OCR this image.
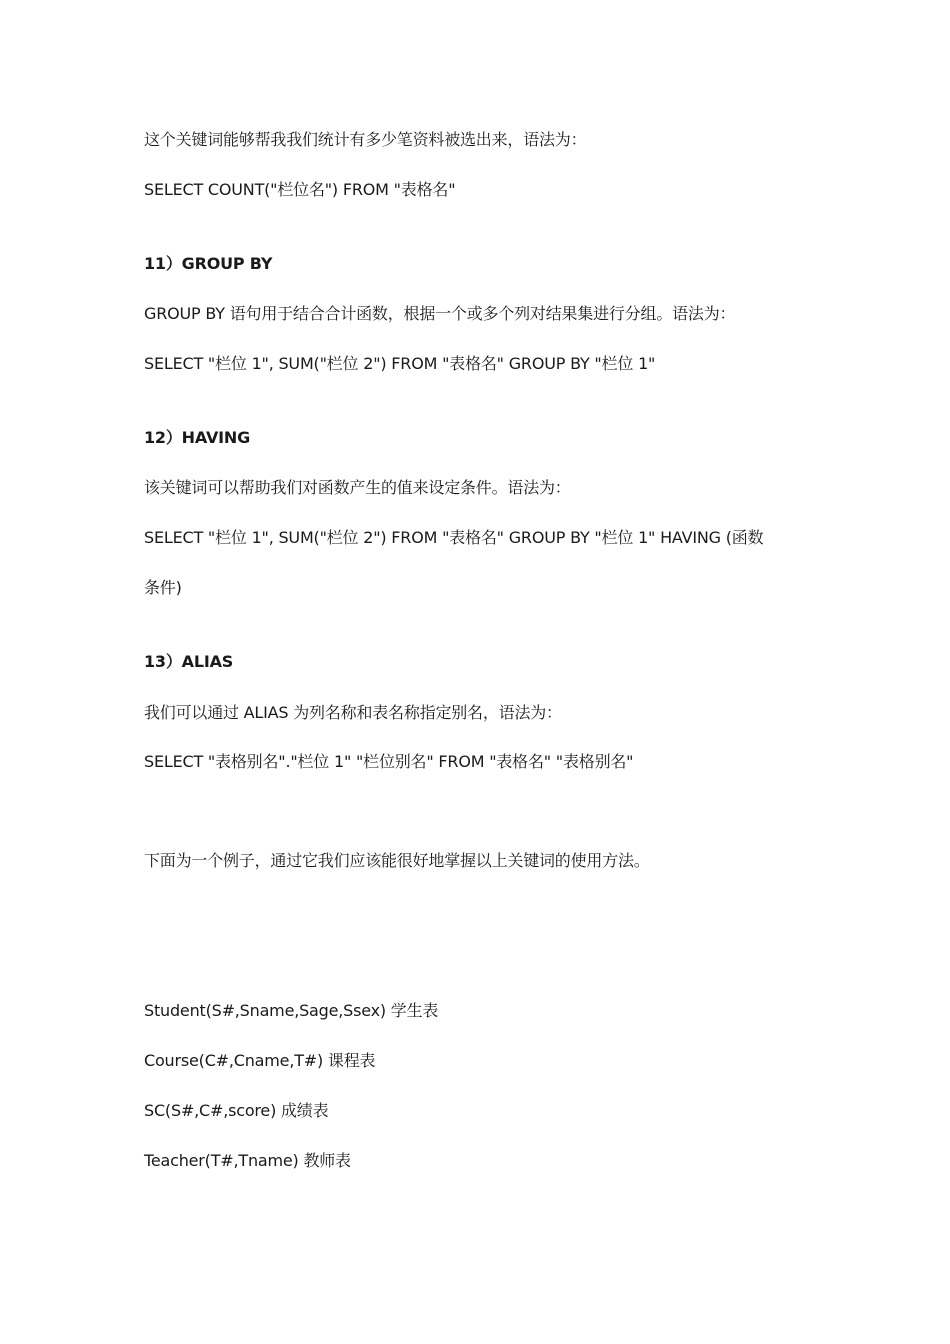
这个关键词能够帮我我们统计有多少笔资料被选出来，语法为：
SELECT COUNT("栏位名") FROM "表格名"
11）GROUP BY
GROUP BY 语句用于结合合计函数，根据一个或多个列对结果集进行分组。语法为：
SELECT "栏位 1", SUM("栏位 2") FROM "表格名" GROUP BY "栏位 1"
12）HAVING
该关键词可以帮助我们对函数产生的值来设定条件。语法为：
SELECT "栏位 1", SUM("栏位 2") FROM "表格名" GROUP BY "栏位 1" HAVING (函数
条件)
13）ALIAS
我们可以通过 ALIAS 为列名称和表名称指定别名，语法为：
SELECT "表格别名"."栏位 1" "栏位别名" FROM "表格名" "表格别名"
下面为一个例子，通过它我们应该能很好地掌握以上关键词的使用方法。
Student(S#,Sname,Sage,Ssex) 学生表
Course(C#,Cname,T#) 课程表
SC(S#,C#,score) 成绩表
Teacher(T#,Tname) 教师表
